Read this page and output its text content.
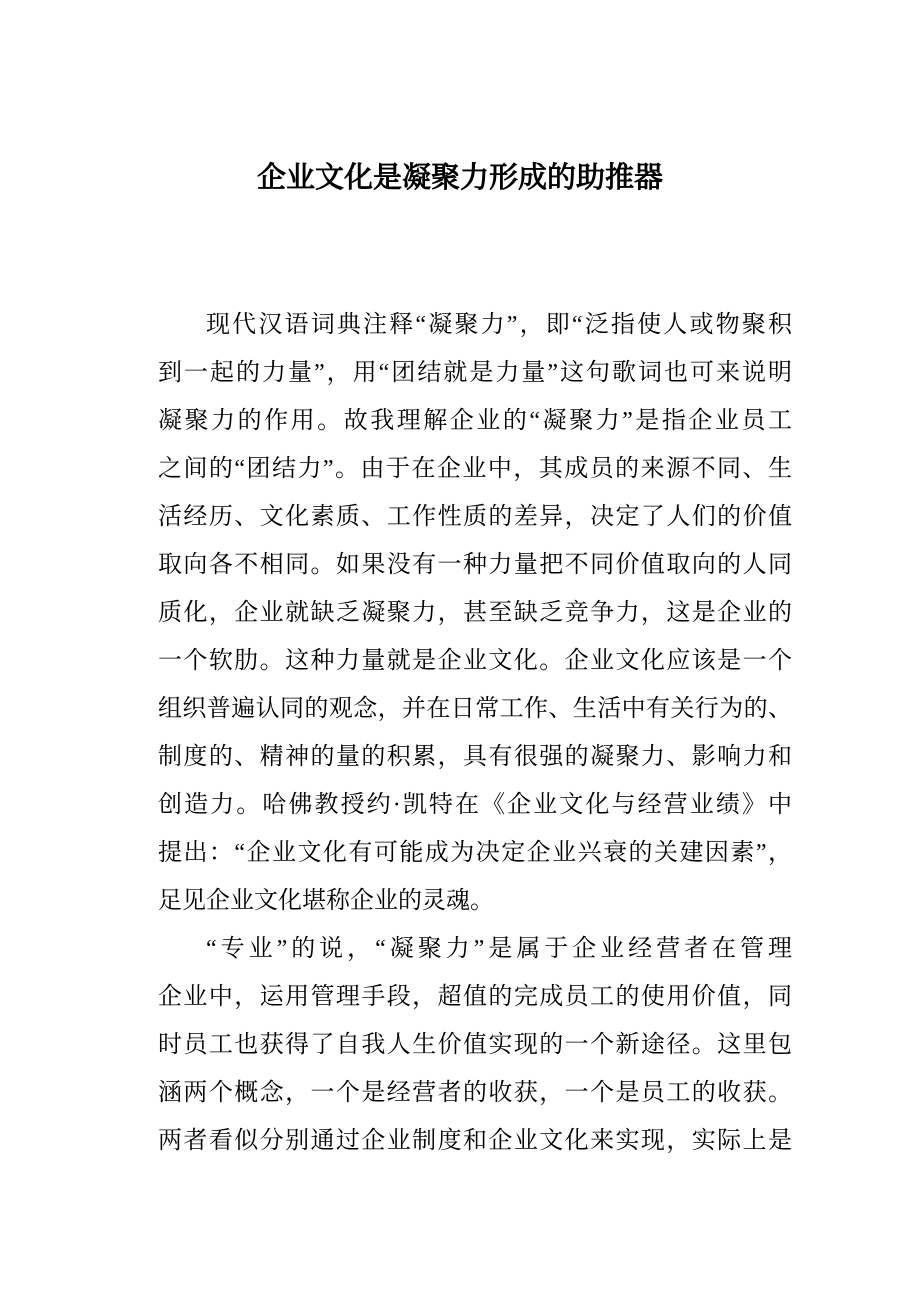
企业文化是凝聚力形成的助推器
现代汉语词典注释“凝聚力”，即“泛指使人或物聚积
到一起的力量”，用“团结就是力量”这句歌词也可来说明
凝聚力的作用。故我理解企业的“凝聚力”是指企业员工
之间的“团结力”。由于在企业中，其成员的来源不同、生
活经历、文化素质、工作性质的差异，决定了人们的价值
取向各不相同。如果没有一种力量把不同价值取向的人同
质化，企业就缺乏凝聚力，甚至缺乏竞争力，这是企业的
一个软肋。这种力量就是企业文化。企业文化应该是一个
组织普遍认同的观念，并在日常工作、生活中有关行为的、
制度的、精神的量的积累，具有很强的凝聚力、影响力和
创造力。哈佛教授约·凯特在《企业文化与经营业绩》中
提出：“企业文化有可能成为决定企业兴衰的关建因素”，
足见企业文化堪称企业的灵魂。
“专业”的说，“凝聚力”是属于企业经营者在管理
企业中，运用管理手段，超值的完成员工的使用价值，同
时员工也获得了自我人生价值实现的一个新途径。这里包
涵两个概念，一个是经营者的收获，一个是员工的收获。
两者看似分别通过企业制度和企业文化来实现，实际上是
